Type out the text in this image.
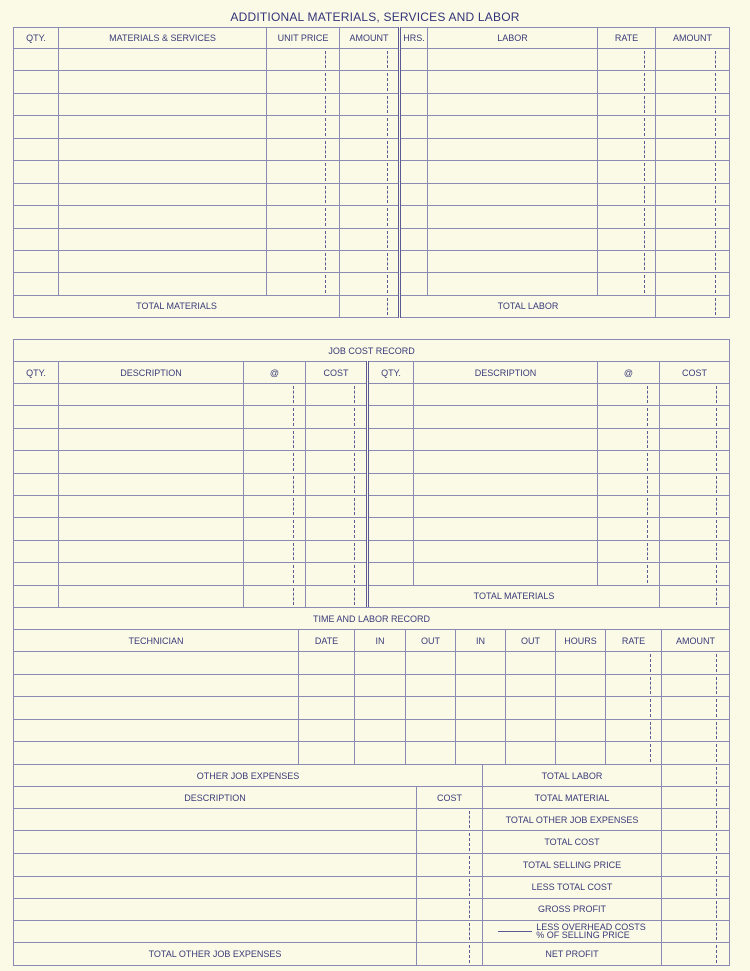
ADDITIONAL MATERIALS, SERVICES AND LABOR
QTY.	MATERIALS & SERVICES	UNIT PRICE	AMOUNT	HRS.	LABOR	RATE	AMOUNT

TOTAL MATERIALS				TOTAL LABOR			
JOB COST RECORD							
QTY.	DESCRIPTION	@	COST	QTY.	DESCRIPTION	@	COST

				TOTAL MATERIALS			
TIME AND LABOR RECORD								
TECHNICIAN	DATE	IN	OUT	IN	OUT	HOURS	RATE	AMOUNT

OTHER JOB EXPENSES		TOTAL LABOR	
DESCRIPTION	COST	TOTAL MATERIAL	
		TOTAL OTHER JOB EXPENSES	
		TOTAL COST	
		TOTAL SELLING PRICE	
		LESS TOTAL COST	
		GROSS PROFIT	
		LESS OVERHEAD COSTS
% OF SELLING PRICE	
TOTAL OTHER JOB EXPENSES		NET PROFIT	
